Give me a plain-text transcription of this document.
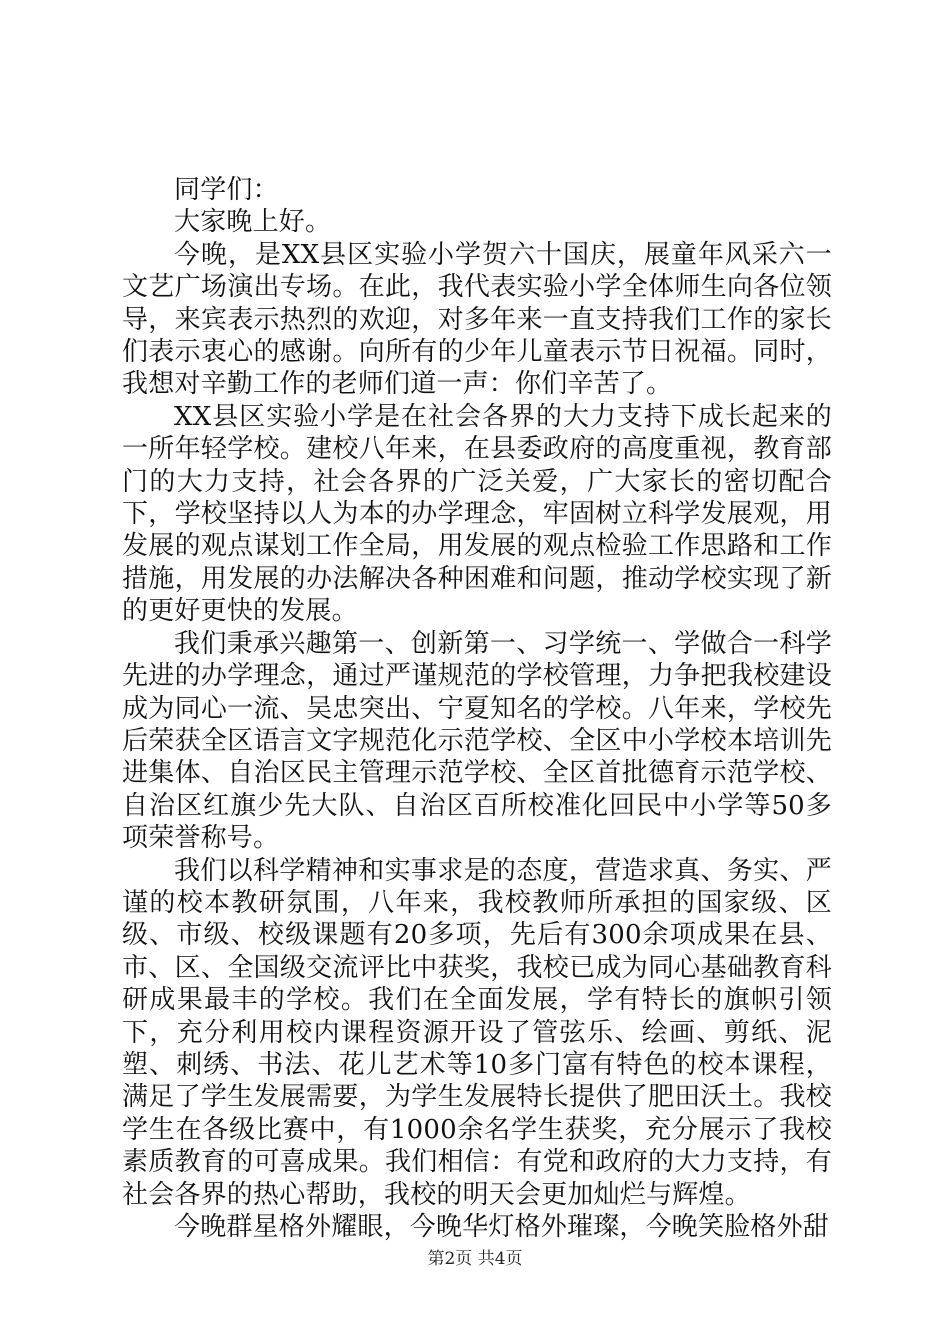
同学们：

大家晚上好。

今晚，是XX县区实验小学贺六十国庆，展童年风采六一文艺广场演出专场。在此，我代表实验小学全体师生向各位领导，来宾表示热烈的欢迎，对多年来一直支持我们工作的家长们表示衷心的感谢。向所有的少年儿童表示节日祝福。同时，我想对辛勤工作的老师们道一声：你们辛苦了。

XX县区实验小学是在社会各界的大力支持下成长起来的一所年轻学校。建校八年来，在县委政府的高度重视，教育部门的大力支持，社会各界的广泛关爱，广大家长的密切配合下，学校坚持以人为本的办学理念，牢固树立科学发展观，用发展的观点谋划工作全局，用发展的观点检验工作思路和工作措施，用发展的办法解决各种困难和问题，推动学校实现了新的更好更快的发展。

我们秉承兴趣第一、创新第一、习学统一、学做合一科学先进的办学理念，通过严谨规范的学校管理，力争把我校建设成为同心一流、吴忠突出、宁夏知名的学校。八年来，学校先后荣获全区语言文字规范化示范学校、全区中小学校本培训先进集体、自治区民主管理示范学校、全区首批德育示范学校、自治区红旗少先大队、自治区百所校准化回民中小学等50多项荣誉称号。

我们以科学精神和实事求是的态度，营造求真、务实、严谨的校本教研氛围，八年来，我校教师所承担的国家级、区级、市级、校级课题有20多项，先后有300余项成果在县、市、区、全国级交流评比中获奖，我校已成为同心基础教育科研成果最丰的学校。我们在全面发展，学有特长的旗帜引领下，充分利用校内课程资源开设了管弦乐、绘画、剪纸、泥塑、刺绣、书法、花儿艺术等10多门富有特色的校本课程，满足了学生发展需要，为学生发展特长提供了肥田沃土。我校学生在各级比赛中，有1000余名学生获奖，充分展示了我校素质教育的可喜成果。我们相信：有党和政府的大力支持，有社会各界的热心帮助，我校的明天会更加灿烂与辉煌。

今晚群星格外耀眼，今晚华灯格外璀璨，今晚笑脸格外甜

第2页 共4页
